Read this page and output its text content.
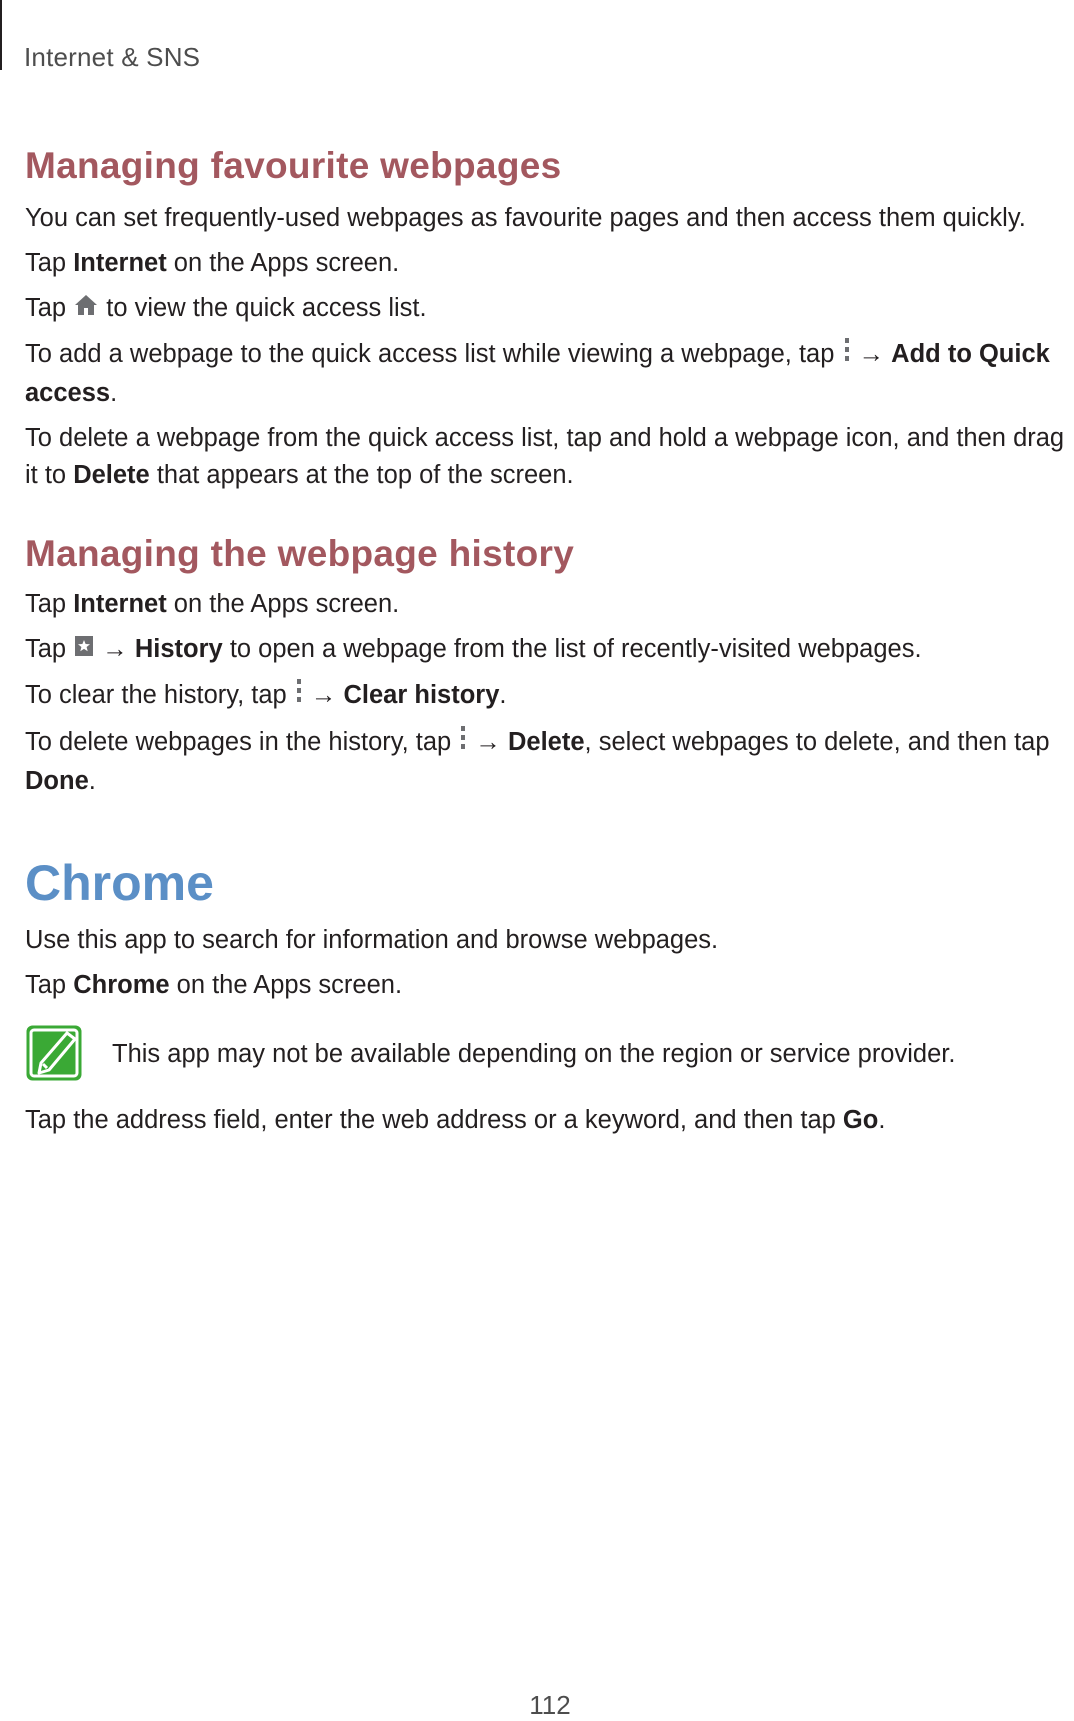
Internet & SNS
Managing favourite webpages

You can set frequently-used webpages as favourite pages and then access them quickly.

Tap Internet on the Apps screen.

Tap  to view the quick access list.

To add a webpage to the quick access list while viewing a webpage, tap  → Add to Quick access.

To delete a webpage from the quick access list, tap and hold a webpage icon, and then drag it to Delete that appears at the top of the screen.

Managing the webpage history

Tap Internet on the Apps screen.

Tap  → History to open a webpage from the list of recently-visited webpages.

To clear the history, tap  → Clear history.

To delete webpages in the history, tap  → Delete, select webpages to delete, and then tap Done.

Chrome

Use this app to search for information and browse webpages.

Tap Chrome on the Apps screen.

This app may not be available depending on the region or service provider.

Tap the address field, enter the web address or a keyword, and then tap Go.

112
